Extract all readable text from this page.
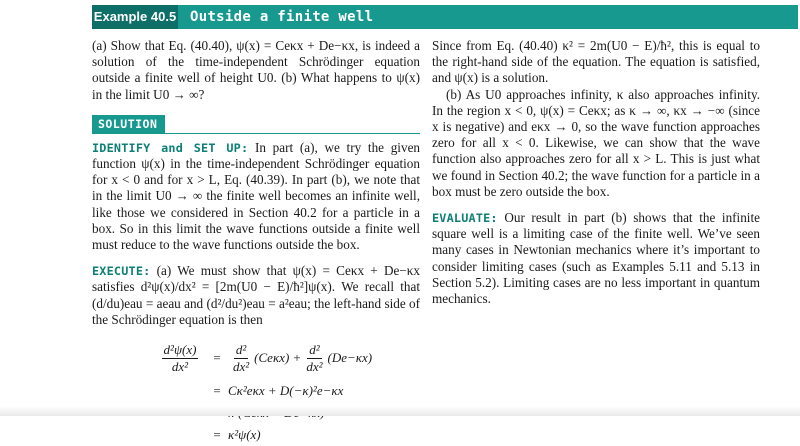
Example 40.5 Outside a finite well

(a) Show that Eq. (40.40), ψ(x) = Ceκx + De−κx, is indeed a solution of the time-independent Schrödinger equation outside a finite well of height U0. (b) What happens to ψ(x) in the limit U0 → ∞?

SOLUTION

IDENTIFY and SET UP: In part (a), we try the given function ψ(x) in the time-independent Schrödinger equation for x < 0 and for x > L, Eq. (40.39). In part (b), we note that in the limit U0 → ∞ the finite well becomes an infinite well, like those we considered in Section 40.2 for a particle in a box. So in this limit the wave functions outside a finite well must reduce to the wave functions outside the box.

EXECUTE: (a) We must show that ψ(x) = Ceκx + De−κx satisfies d²ψ(x)/dx² = [2m(U0 − E)/ħ²]ψ(x). We recall that (d/du)eau = aeau and (d²/du²)eau = a²eau; the left-hand side of the Schrödinger equation is then

$\frac{\text{d²ψ(x)}}{\text{dx²}}$	= $\frac{\text{d²}}{\text{dx²}} (Ce\kappa x) + \frac{\text{d²}}{\text{dx²}} (De-\kappa x)$
= Cκ²eκx + D(−κ)²e−κx
= κ²ψ(x)

Since from Eq. (40.40) κ² = 2m(U0 − E)/ħ², this is equal to the right-hand side of the equation. The equation is satisfied, and ψ(x) is a solution.

(b) As U0 approaches infinity, κ also approaches infinity. In the region x < 0, ψ(x) = Ceκx; as κ → ∞, κx → −∞ (since x is negative) and eκx → 0, so the wave function approaches zero for all x < 0. Likewise, we can show that the wave function also approaches zero for all x > L. This is just what we found in Section 40.2; the wave function for a particle in a box must be zero outside the box.

EVALUATE: Our result in part (b) shows that the infinite square well is a limiting case of the finite well. We’ve seen many cases in Newtonian mechanics where it’s important to consider limiting cases (such as Examples 5.11 and 5.13 in Section 5.2). Limiting cases are no less important in quantum mechanics.
